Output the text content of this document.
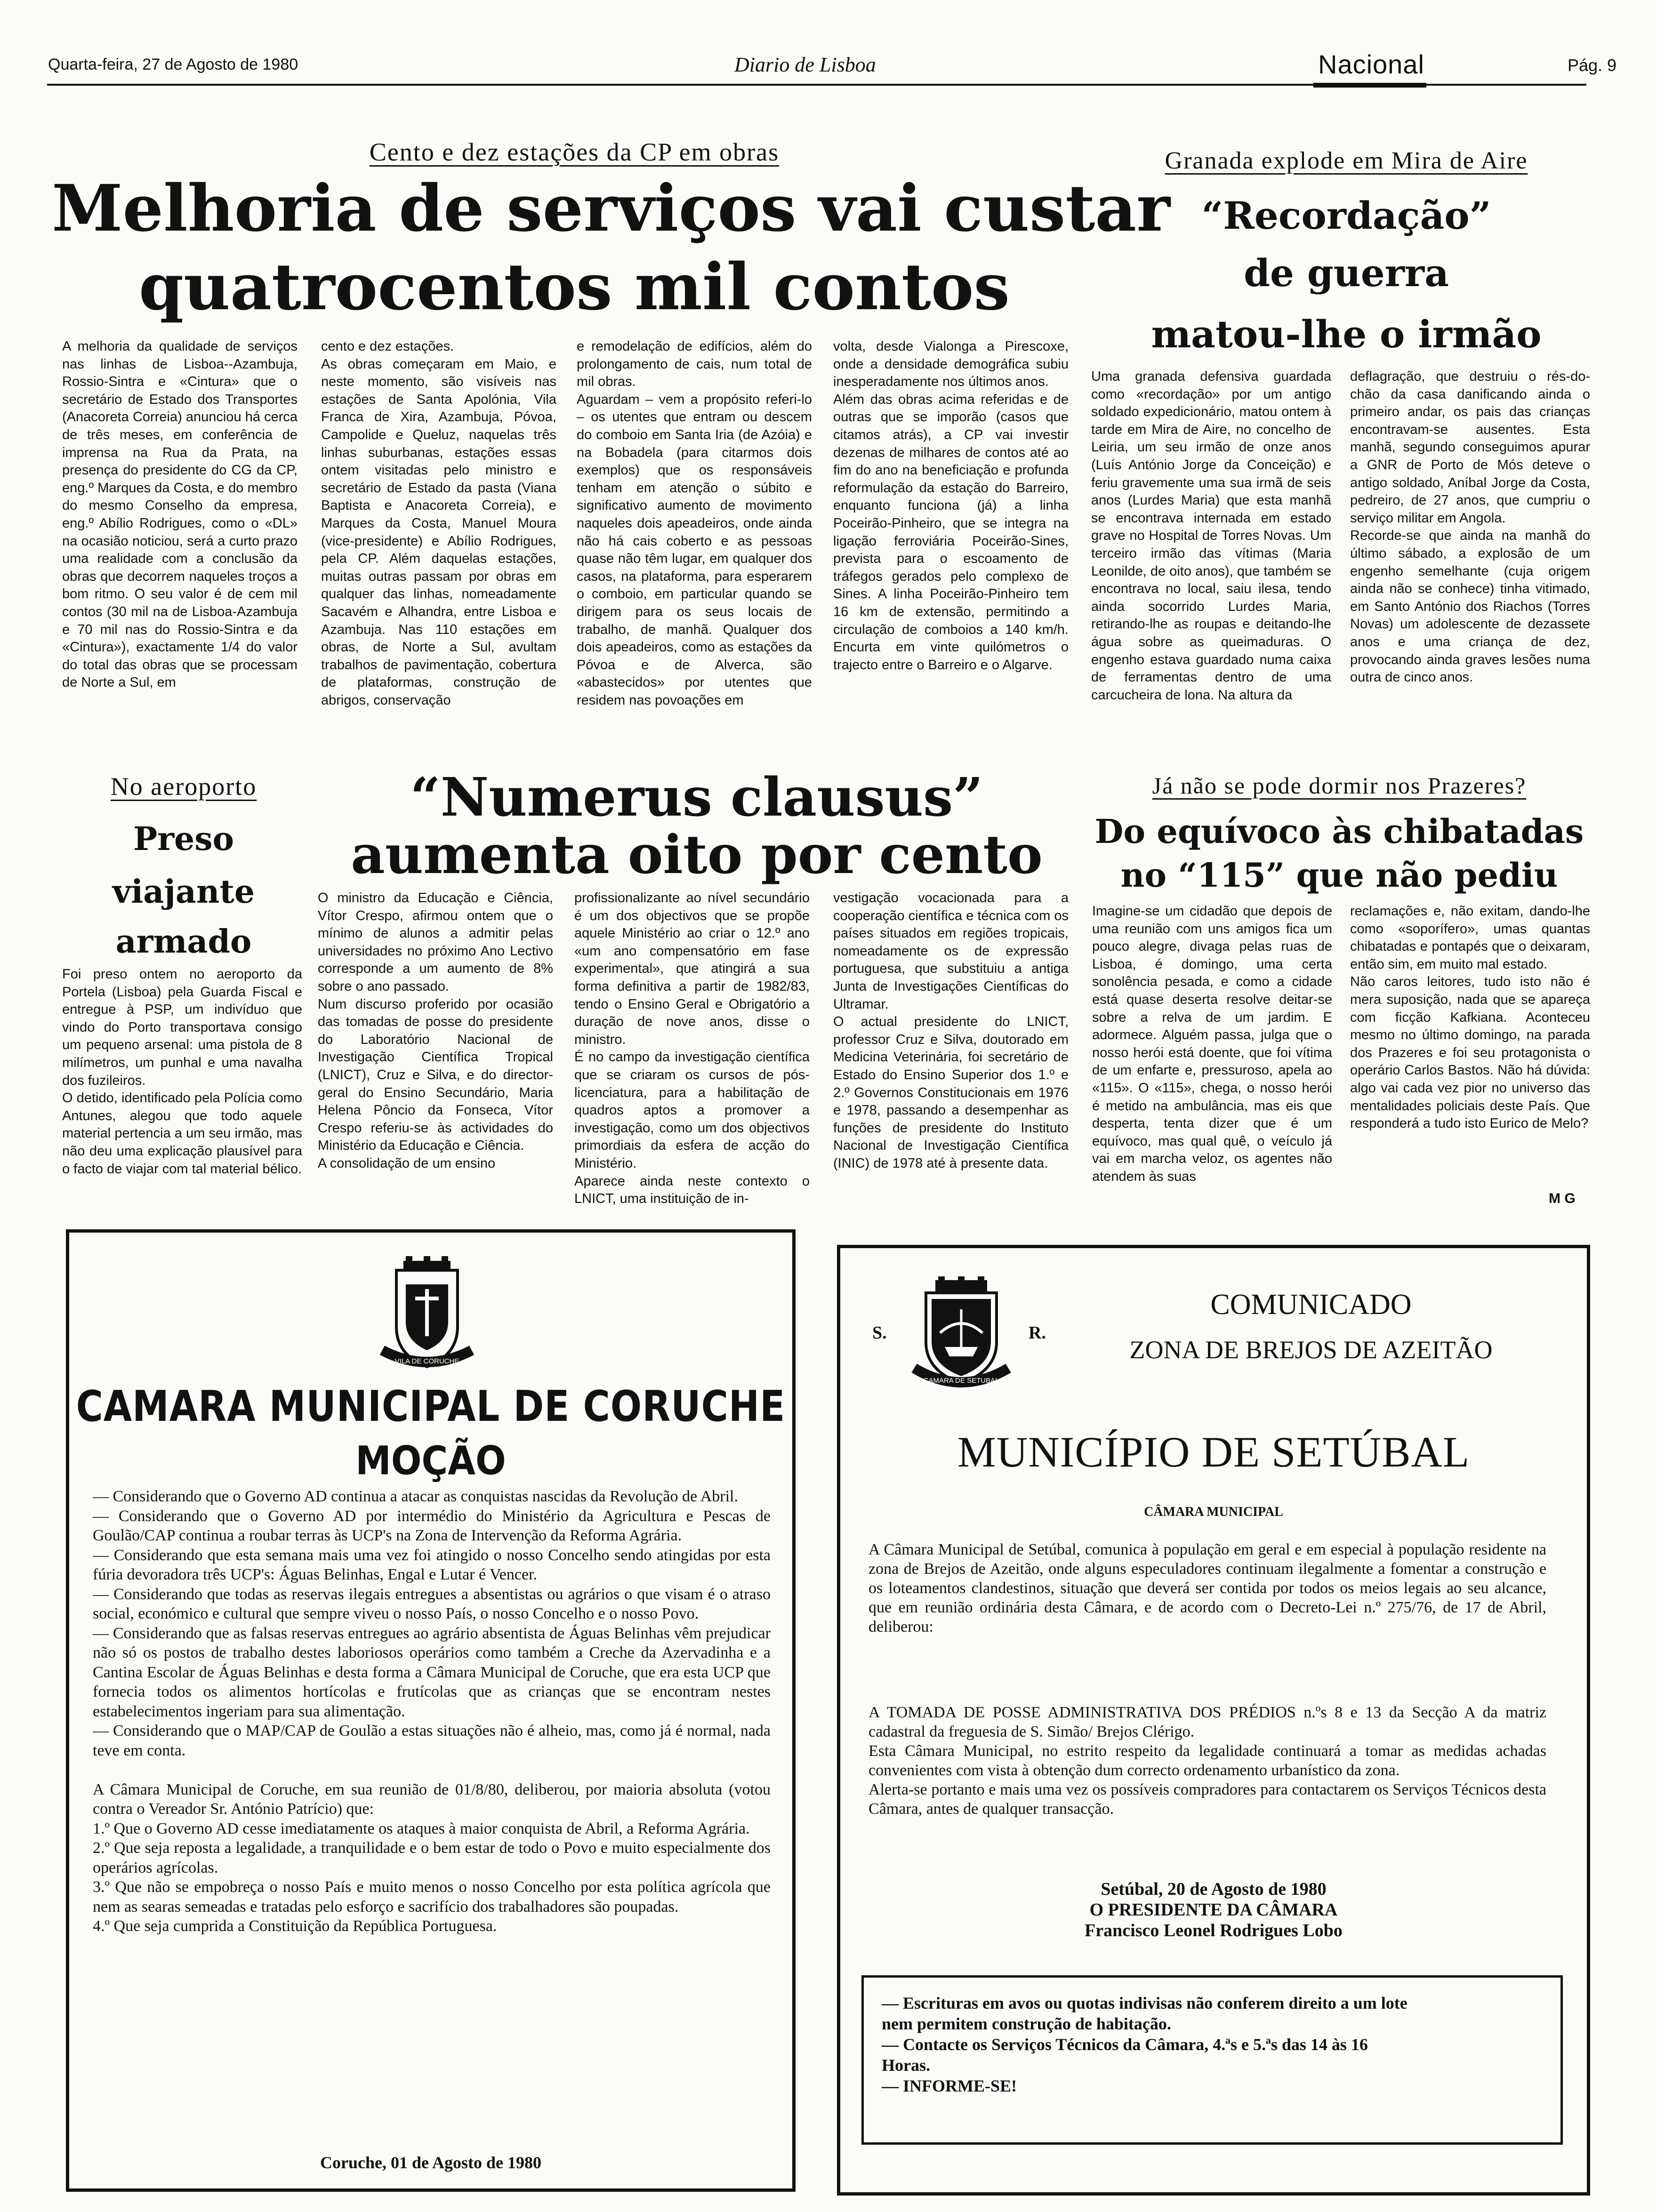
Quarta-feira, 27 de Agosto de 1980	Diario de Lisboa	Nacional	Pág. 9
Cento e dez estações da CP em obras
Melhoria de serviços vai custar
quatrocentos mil contos
A melhoria da qualidade de serviços nas linhas de Lisboa--Azambuja, Rossio-Sintra e «Cintura» que o secretário de Estado dos Transportes (Anacoreta Correia) anunciou há cerca de três meses, em conferência de imprensa na Rua da Prata, na presença do presidente do CG da CP, eng.º Marques da Costa, e do membro do mesmo Conselho da empresa, eng.º Abílio Rodrigues, como o «DL» na ocasião noticiou, será a curto prazo uma realidade com a conclusão da obras que decorrem naqueles troços a bom ritmo. O seu valor é de cem mil contos (30 mil na de Lisboa-Azambuja e 70 mil nas do Rossio-Sintra e da «Cintura»), exactamente 1/4 do valor do total das obras que se processam de Norte a Sul, em
cento e dez estações.
As obras começaram em Maio, e neste momento, são visíveis nas estações de Santa Apolónia, Vila Franca de Xira, Azambuja, Póvoa, Campolide e Queluz, naquelas três linhas suburbanas, estações essas ontem visitadas pelo ministro e secretário de Estado da pasta (Viana Baptista e Anacoreta Correia), e Marques da Costa, Manuel Moura (vice-presidente) e Abílio Rodrigues, pela CP. Além daquelas estações, muitas outras passam por obras em qualquer das linhas, nomeadamente Sacavém e Alhandra, entre Lisboa e Azambuja. Nas 110 estações em obras, de Norte a Sul, avultam trabalhos de pavimentação, cobertura de plataformas, construção de abrigos, conservação
e remodelação de edifícios, além do prolongamento de cais, num total de mil obras.
Aguardam – vem a propósito referi-lo – os utentes que entram ou descem do comboio em Santa Iria (de Azóia) e na Bobadela (para citarmos dois exemplos) que os responsáveis tenham em atenção o súbito e significativo aumento de movimento naqueles dois apeadeiros, onde ainda não há cais coberto e as pessoas quase não têm lugar, em qualquer dos casos, na plataforma, para esperarem o comboio, em particular quando se dirigem para os seus locais de trabalho, de manhã. Qualquer dos dois apeadeiros, como as estações da Póvoa e de Alverca, são «abastecidos» por utentes que residem nas povoações em
volta, desde Vialonga a Pirescoxe, onde a densidade demográfica subiu inesperadamente nos últimos anos.
Além das obras acima referidas e de outras que se imporão (casos que citamos atrás), a CP vai investir dezenas de milhares de contos até ao fim do ano na beneficiação e profunda reformulação da estação do Barreiro, enquanto funciona (já) a linha Poceirão-Pinheiro, que se integra na ligação ferroviária Poceirão-Sines, prevista para o escoamento de tráfegos gerados pelo complexo de Sines. A linha Poceirão-Pinheiro tem 16 km de extensão, permitindo a circulação de comboios a 140 km/h. Encurta em vinte quilómetros o trajecto entre o Barreiro e o Algarve.
Granada explode em Mira de Aire
“Recordação”
de guerra
matou-lhe o irmão
Uma granada defensiva guardada como «recordação» por um antigo soldado expedicionário, matou ontem à tarde em Mira de Aire, no concelho de Leiria, um seu irmão de onze anos (Luís António Jorge da Conceição) e feriu gravemente uma sua irmã de seis anos (Lurdes Maria) que esta manhã se encontrava internada em estado grave no Hospital de Torres Novas. Um terceiro irmão das vítimas (Maria Leonilde, de oito anos), que também se encontrava no local, saiu ilesa, tendo ainda socorrido Lurdes Maria, retirando-lhe as roupas e deitando-lhe água sobre as queimaduras. O engenho estava guardado numa caixa de ferramentas dentro de uma carcucheira de lona. Na altura da
deflagração, que destruiu o rés-do-chão da casa danificando ainda o primeiro andar, os pais das crianças encontravam-se ausentes. Esta manhã, segundo conseguimos apurar a GNR de Porto de Mós deteve o antigo soldado, Aníbal Jorge da Costa, pedreiro, de 27 anos, que cumpriu o serviço militar em Angola.
Recorde-se que ainda na manhã do último sábado, a explosão de um engenho semelhante (cuja origem ainda não se conhece) tinha vitimado, em Santo António dos Riachos (Torres Novas) um adolescente de dezassete anos e uma criança de dez, provocando ainda graves lesões numa outra de cinco anos.
No aeroporto
Preso
viajante
armado
Foi preso ontem no aeroporto da Portela (Lisboa) pela Guarda Fiscal e entregue à PSP, um indivíduo que vindo do Porto transportava consigo um pequeno arsenal: uma pistola de 8 milímetros, um punhal e uma navalha dos fuzileiros.
O detido, identificado pela Polícia como Antunes, alegou que todo aquele material pertencia a um seu irmão, mas não deu uma explicação plausível para o facto de viajar com tal material bélico.
“Numerus clausus”
aumenta oito por cento
O ministro da Educação e Ciência, Vítor Crespo, afirmou ontem que o mínimo de alunos a admitir pelas universidades no próximo Ano Lectivo corresponde a um aumento de 8% sobre o ano passado.
Num discurso proferido por ocasião das tomadas de posse do presidente do Laboratório Nacional de Investigação Científica Tropical (LNICT), Cruz e Silva, e do director-geral do Ensino Secundário, Maria Helena Pôncio da Fonseca, Vítor Crespo referiu-se às actividades do Ministério da Educação e Ciência.
A consolidação de um ensino
profissionalizante ao nível secundário é um dos objectivos que se propõe aquele Ministério ao criar o 12.º ano «um ano compensatório em fase experimental», que atingirá a sua forma definitiva a partir de 1982/83, tendo o Ensino Geral e Obrigatório a duração de nove anos, disse o ministro.
É no campo da investigação científica que se criaram os cursos de pós-licenciatura, para a habilitação de quadros aptos a promover a investigação, como um dos objectivos primordiais da esfera de acção do Ministério.
Aparece ainda neste contexto o LNICT, uma instituição de in-
vestigação vocacionada para a cooperação científica e técnica com os países situados em regiões tropicais, nomeadamente os de expressão portuguesa, que substituiu a antiga Junta de Investigações Científicas do Ultramar.
O actual presidente do LNICT, professor Cruz e Silva, doutorado em Medicina Veterinária, foi secretário de Estado do Ensino Superior dos 1.º e 2.º Governos Constitucionais em 1976 e 1978, passando a desempenhar as funções de presidente do Instituto Nacional de Investigação Científica (INIC) de 1978 até à presente data.
Já não se pode dormir nos Prazeres?
Do equívoco às chibatadas
no “115” que não pediu
Imagine-se um cidadão que depois de uma reunião com uns amigos fica um pouco alegre, divaga pelas ruas de Lisboa, é domingo, uma certa sonolência pesada, e como a cidade está quase deserta resolve deitar-se sobre a relva de um jardim. E adormece. Alguém passa, julga que o nosso herói está doente, que foi vítima de um enfarte e, pressuroso, apela ao «115». O «115», chega, o nosso herói é metido na ambulância, mas eis que desperta, tenta dizer que é um equívoco, mas qual quê, o veículo já vai em marcha veloz, os agentes não atendem às suas
reclamações e, não exitam, dando-lhe como «soporífero», umas quantas chibatadas e pontapés que o deixaram, então sim, em muito mal estado.
Não caros leitores, tudo isto não é mera suposição, nada que se apareça com ficção Kafkiana. Aconteceu mesmo no último domingo, na parada dos Prazeres e foi seu protagonista o operário Carlos Bastos. Não há dúvida: algo vai cada vez pior no universo das mentalidades policiais deste País. Que responderá a tudo isto Eurico de Melo?
M G
VILA DE CORUCHE
CAMARA MUNICIPAL DE CORUCHE
MOÇÃO
— Considerando que o Governo AD continua a atacar as conquistas nascidas da Revolução de Abril.
— Considerando que o Governo AD por intermédio do Ministério da Agricultura e Pescas de Goulão/CAP continua a roubar terras às UCP's na Zona de Intervenção da Reforma Agrária.
— Considerando que esta semana mais uma vez foi atingido o nosso Concelho sendo atingidas por esta fúria devoradora três UCP's: Águas Belinhas, Engal e Lutar é Vencer.
— Considerando que todas as reservas ilegais entregues a absentistas ou agrários o que visam é o atraso social, económico e cultural que sempre viveu o nosso País, o nosso Concelho e o nosso Povo.
— Considerando que as falsas reservas entregues ao agrário absentista de Águas Belinhas vêm prejudicar não só os postos de trabalho destes laboriosos operários como também a Creche da Azervadinha e a Cantina Escolar de Águas Belinhas e desta forma a Câmara Municipal de Coruche, que era esta UCP que fornecia todos os alimentos hortícolas e frutícolas que as crianças que se encontram nestes estabelecimentos ingeriam para sua alimentação.
— Considerando que o MAP/CAP de Goulão a estas situações não é alheio, mas, como já é normal, nada teve em conta.

A Câmara Municipal de Coruche, em sua reunião de 01/8/80, deliberou, por maioria absoluta (votou contra o Vereador Sr. António Patrício) que:
1.º Que o Governo AD cesse imediatamente os ataques à maior conquista de Abril, a Reforma Agrária.
2.º Que seja reposta a legalidade, a tranquilidade e o bem estar de todo o Povo e muito especialmente dos operários agrícolas.
3.º Que não se empobreça o nosso País e muito menos o nosso Concelho por esta política agrícola que nem as searas semeadas e tratadas pelo esforço e sacrifício dos trabalhadores são poupadas.
4.º Que seja cumprida a Constituição da República Portuguesa.
Coruche, 01 de Agosto de 1980
S.	R.
CAMARA DE SETUBAL
COMUNICADO
ZONA DE BREJOS DE AZEITÃO
MUNICÍPIO DE SETÚBAL
CÂMARA MUNICIPAL
A Câmara Municipal de Setúbal, comunica à população em geral e em especial à população residente na zona de Brejos de Azeitão, onde alguns especuladores continuam ilegalmente a fomentar a construção e os loteamentos clandestinos, situação que deverá ser contida por todos os meios legais ao seu alcance, que em reunião ordinária desta Câmara, e de acordo com o Decreto-Lei n.º 275/76, de 17 de Abril, deliberou:
A TOMADA DE POSSE ADMINISTRATIVA DOS PRÉDIOS n.ºs 8 e 13 da Secção A da matriz cadastral da freguesia de S. Simão/ Brejos Clérigo.
Esta Câmara Municipal, no estrito respeito da legalidade continuará a tomar as medidas achadas convenientes com vista à obtenção dum correcto ordenamento urbanístico da zona.
Alerta-se portanto e mais uma vez os possíveis compradores para contactarem os Serviços Técnicos desta Câmara, antes de qualquer transacção.
Setúbal, 20 de Agosto de 1980
O PRESIDENTE DA CÂMARA
Francisco Leonel Rodrigues Lobo
— Escrituras em avos ou quotas indivisas não conferem direito a um lote
nem permitem construção de habitação.
— Contacte os Serviços Técnicos da Câmara, 4.ªs e 5.ªs das 14 às 16
Horas.
— INFORME-SE!
